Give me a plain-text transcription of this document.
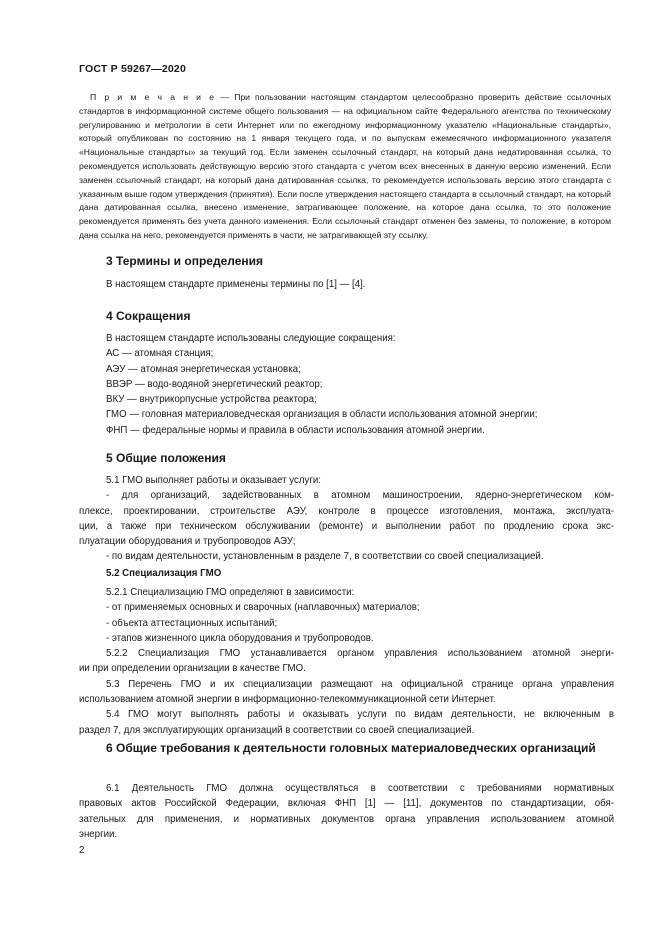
ГОСТ Р 59267—2020
П р и м е ч а н и е — При пользовании настоящим стандартом целесообразно проверить действие ссылочных стандартов в информационной системе общего пользования — на официальном сайте Федерального агентства по техническому регулированию и метрологии в сети Интернет или по ежегодному информационному указателю «Национальные стандарты», который опубликован по состоянию на 1 января текущего года, и по выпускам ежемесячного информационного указателя «Национальные стандарты» за текущий год. Если заменен ссылочный стандарт, на который дана недатированная ссылка, то рекомендуется использовать действующую версию этого стандарта с учетом всех внесенных в данную версию изменений. Если заменен ссылочный стандарт, на который дана датированная ссылка, то рекомендуется использовать версию этого стандарта с указанным выше годом утверждения (принятия). Если после утверждения настоящего стандарта в ссылочный стандарт, на который дана датированная ссылка, внесено изменение, затрагивающее положение, на которое дана ссылка, то это положение рекомендуется применять без учета данного изменения. Если ссылочный стандарт отменен без замены, то положение, в котором дана ссылка на него, рекомендуется применять в части, не затрагивающей эту ссылку.
3 Термины и определения
В настоящем стандарте применены термины по [1] — [4].
4 Сокращения
В настоящем стандарте использованы следующие сокращения:
АС — атомная станция;
АЭУ — атомная энергетическая установка;
ВВЭР — водо-водяной энергетический реактор;
ВКУ — внутрикорпусные устройства реактора;
ГМО — головная материаловедческая организация в области использования атомной энергии;
ФНП — федеральные нормы и правила в области использования атомной энергии.
5 Общие положения
5.1 ГМО выполняет работы и оказывает услуги:
- для организаций, задействованных в атомном машиностроении, ядерно-энергетическом ком-
плексе, проектировании, строительстве АЭУ, контроле в процессе изготовления, монтажа, эксплуата-
ции, а также при техническом обслуживании (ремонте) и выполнении работ по продлению срока экс-
плуатации оборудования и трубопроводов АЭУ;
- по видам деятельности, установленным в разделе 7, в соответствии со своей специализацией.
5.2 Специализация ГМО
5.2.1 Специализацию ГМО определяют в зависимости:
- от применяемых основных и сварочных (наплавочных) материалов;
- объекта аттестационных испытаний;
- этапов жизненного цикла оборудования и трубопроводов.
5.2.2 Специализация ГМО устанавливается органом управления использованием атомной энерги-
ии при определении организации в качестве ГМО.
5.3 Перечень ГМО и их специализации размещают на официальной странице органа управления
использованием атомной энергии в информационно-телекоммуникационной сети Интернет.
5.4 ГМО могут выполнять работы и оказывать услуги по видам деятельности, не включенным в
раздел 7, для эксплуатирующих организаций в соответствии со своей специализацией.
6 Общие требования к деятельности головных материаловедческих организаций
6.1 Деятельность ГМО должна осуществляться в соответствии с требованиями нормативных
правовых актов Российской Федерации, включая ФНП [1] — [11], документов по стандартизации, обя-
зательных для применения, и нормативных документов органа управления использованием атомной
энергии.
2
